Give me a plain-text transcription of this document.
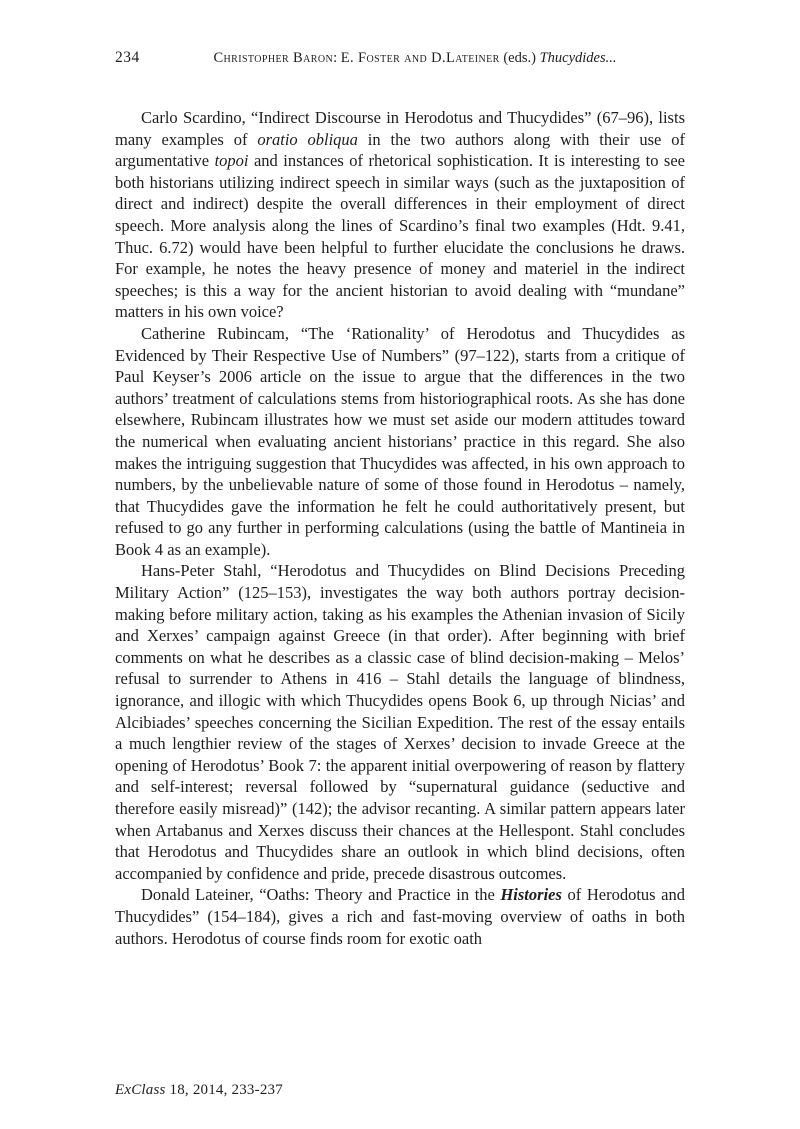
234	Christopher Baron: E. Foster and D.Lateiner (eds.) Thucydides...

Carlo Scardino, “Indirect Discourse in Herodotus and Thucydides” (67–96), lists many examples of oratio obliqua in the two authors along with their use of argumentative topoi and instances of rhetorical sophistication. It is interesting to see both historians utilizing indirect speech in similar ways (such as the juxtaposition of direct and indirect) despite the overall differences in their employment of direct speech. More analysis along the lines of Scardino’s final two examples (Hdt. 9.41, Thuc. 6.72) would have been helpful to further elucidate the conclusions he draws. For example, he notes the heavy presence of money and materiel in the indirect speeches; is this a way for the ancient historian to avoid dealing with “mundane” matters in his own voice?

Catherine Rubincam, “The ‘Rationality’ of Herodotus and Thucydides as Evidenced by Their Respective Use of Numbers” (97–122), starts from a critique of Paul Keyser’s 2006 article on the issue to argue that the differences in the two authors’ treatment of calculations stems from historiographical roots. As she has done elsewhere, Rubincam illustrates how we must set aside our modern attitudes toward the numerical when evaluating ancient historians’ practice in this regard. She also makes the intriguing suggestion that Thucydides was affected, in his own approach to numbers, by the unbelievable nature of some of those found in Herodotus – namely, that Thucydides gave the information he felt he could authoritatively present, but refused to go any further in performing calculations (using the battle of Mantineia in Book 4 as an example).

Hans-Peter Stahl, “Herodotus and Thucydides on Blind Decisions Preceding Military Action” (125–153), investigates the way both authors portray decision-making before military action, taking as his examples the Athenian invasion of Sicily and Xerxes’ campaign against Greece (in that order). After beginning with brief comments on what he describes as a classic case of blind decision-making – Melos’ refusal to surrender to Athens in 416 – Stahl details the language of blindness, ignorance, and illogic with which Thucydides opens Book 6, up through Nicias’ and Alcibiades’ speeches concerning the Sicilian Expedition. The rest of the essay entails a much lengthier review of the stages of Xerxes’ decision to invade Greece at the opening of Herodotus’ Book 7: the apparent initial overpowering of reason by flattery and self-interest; reversal followed by “supernatural guidance (seductive and therefore easily misread)” (142); the advisor recanting. A similar pattern appears later when Artabanus and Xerxes discuss their chances at the Hellespont. Stahl concludes that Herodotus and Thucydides share an outlook in which blind decisions, often accompanied by confidence and pride, precede disastrous outcomes.

Donald Lateiner, “Oaths: Theory and Practice in the Histories of Herodotus and Thucydides” (154–184), gives a rich and fast-moving overview of oaths in both authors. Herodotus of course finds room for exotic oath

ExClass 18, 2014, 233-237
